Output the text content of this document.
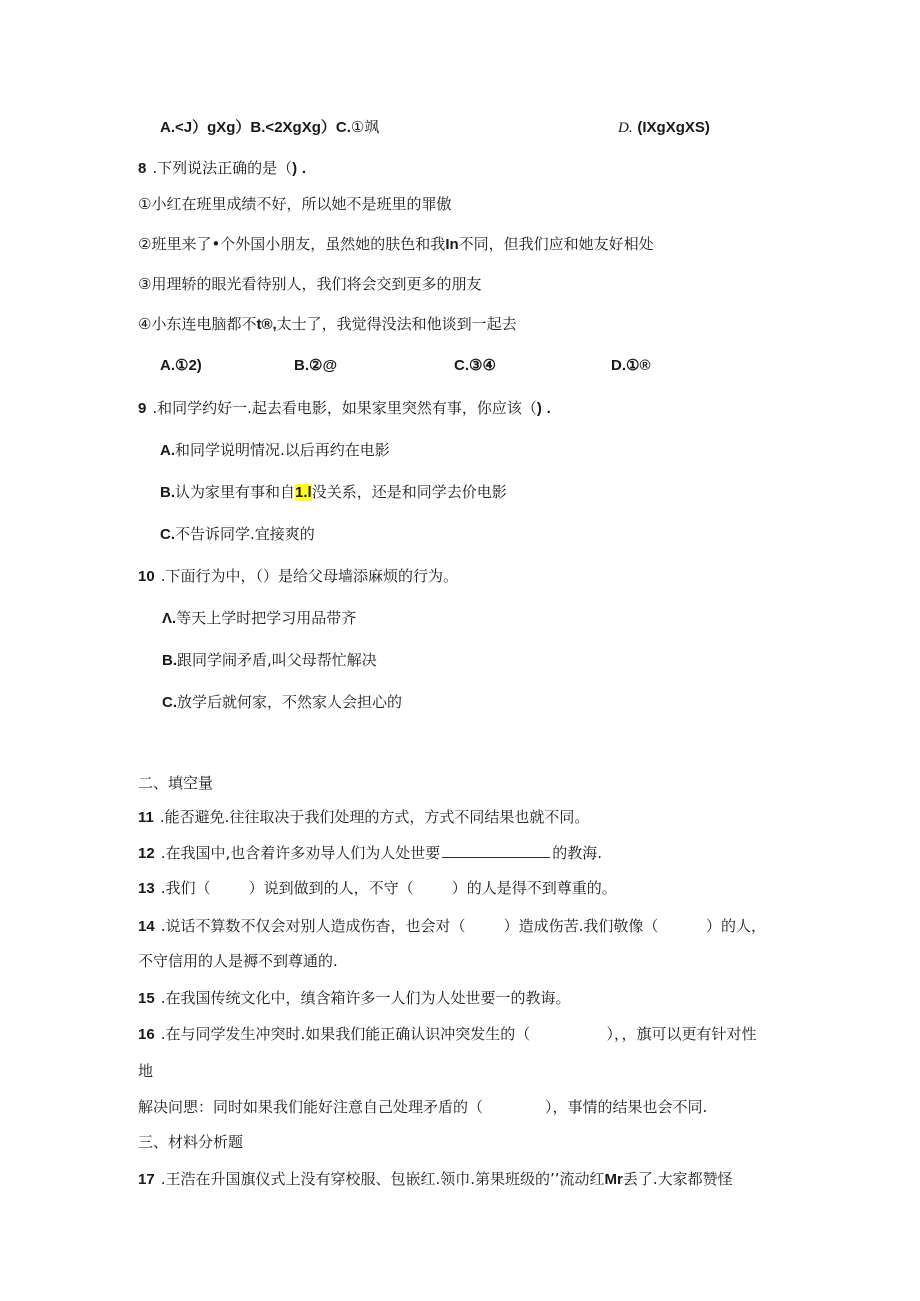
A.<J）gXg）B.<2XgXg）C.①飒	D. (IXgXgXS)
8 .下列说法正确的是（) .
①小红在班里成绩不好，所以她不是班里的罪傲
②班里来了•个外国小朋友，虽然她的肤色和我In不同，但我们应和她友好相处
③用理轿的眼光看待别人，我们将会交到更多的朋友
④小东连电脑都不t®,太士了，我觉得没法和他谈到一起去
A.①2)	B.②@	C.③④	D.①®
9 .和同学约好一.起去看电影，如果家里突然有事，你应该（) .
A.和同学说明情况.以后再约在电影
B.认为家里有事和自1.l没关系，还是和同学去价电影
C.不告诉同学.宜接爽的
10 .下面行为中，（）是给父母墙添麻烦的行为。
Λ.等天上学时把学习用品带齐
B.跟同学闹矛盾,叫父母帮忙解决
C.放学后就何家，不然家人会担心的
二、填空量
11 .能否避免.往往取决于我们处理的方式，方式不同结果也就不同。
12 .在我国中,也含着许多劝导人们为人处世要	的教海.
13 .我们（        ）说到做到的人，不守（        ）的人是得不到尊重的。
14 .说话不算数不仅会对别人造成伤杳，也会对（        ）造成伤苦.我们敬像（          ）的人，
不守信用的人是褥不到尊通的.
15 .在我国传统文化中，缜含箱许多一人们为人处世要一的教诲。
16 .在与同学发生冲突时.如果我们能正确认识冲突发生的（                ），，旗可以更有针对性
地
解决问愳：同时如果我们能好注意自己处理矛盾的（             ），事情的结果也会不同.
三、材料分析题
17 .王浩在升国旗仪式上没有穿校服、包嵌红.领巾.第果班级的’’流动红Mr丢了.大家都赞怪
